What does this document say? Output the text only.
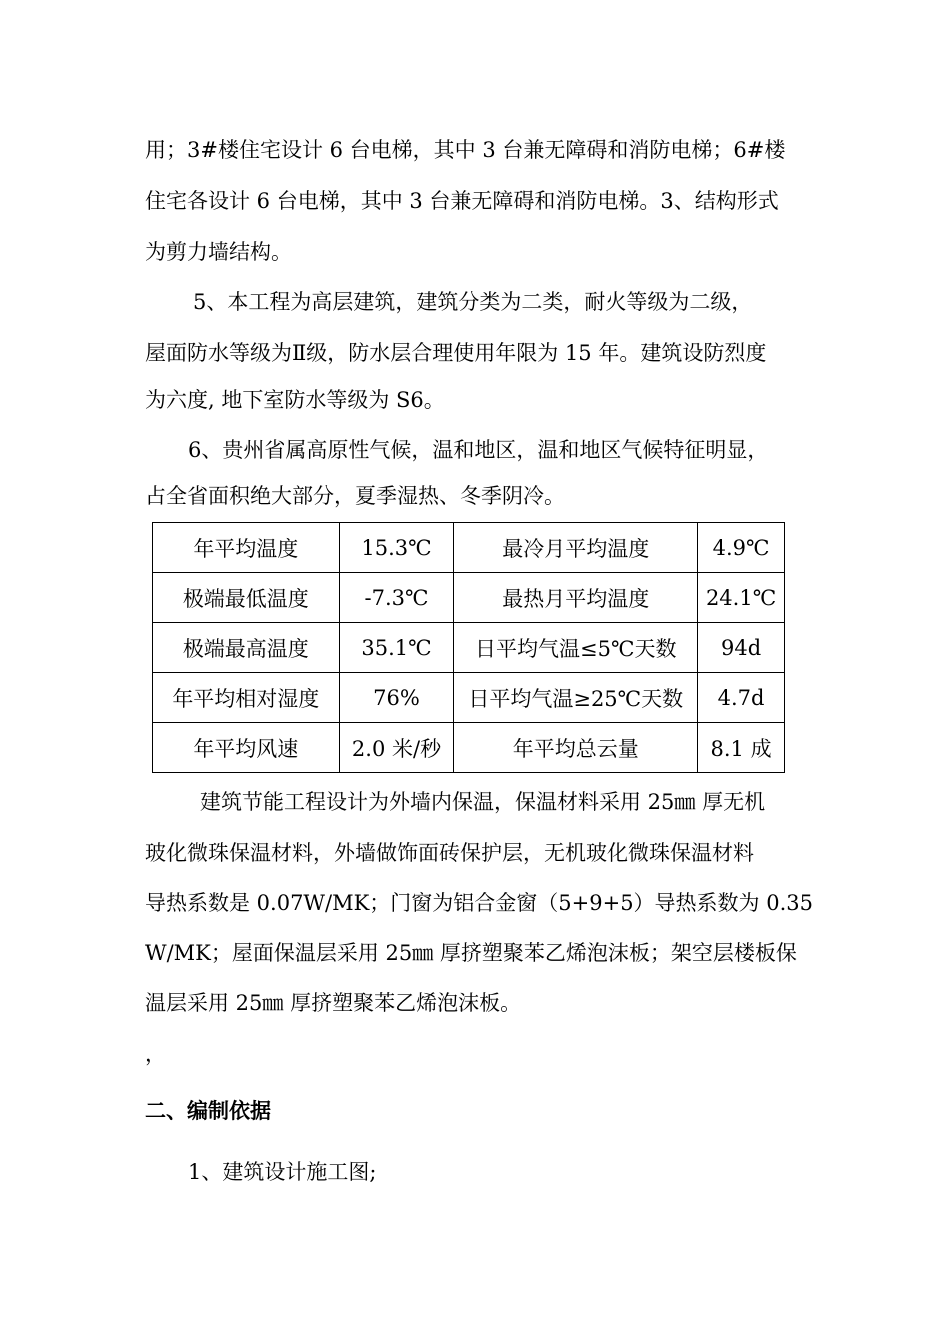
用；3#楼住宅设计 6 台电梯，其中 3 台兼无障碍和消防电梯；6#楼
住宅各设计 6 台电梯，其中 3 台兼无障碍和消防电梯。3、结构形式
为剪力墙结构。
5、本工程为高层建筑，建筑分类为二类，耐火等级为二级，
屋面防水等级为Ⅱ级，防水层合理使用年限为 15 年。建筑设防烈度
为六度, 地下室防水等级为 S6。
6、贵州省属高原性气候，温和地区，温和地区气候特征明显，
占全省面积绝大部分，夏季湿热、冬季阴冷。
年平均温度	15.3℃	最冷月平均温度	4.9℃
极端最低温度	-7.3℃	最热月平均温度	24.1℃
极端最高温度	35.1℃	日平均气温≤5℃天数	94d
年平均相对湿度	76%	日平均气温≥25℃天数	4.7d
年平均风速	2.0 米/秒	年平均总云量	8.1 成
建筑节能工程设计为外墙内保温，保温材料采用 25㎜ 厚无机
玻化微珠保温材料，外墙做饰面砖保护层，无机玻化微珠保温材料
导热系数是 0.07W/MK；门窗为铝合金窗（5+9+5）导热系数为 0.35
W/MK；屋面保温层采用 25㎜ 厚挤塑聚苯乙烯泡沫板；架空层楼板保
温层采用 25㎜ 厚挤塑聚苯乙烯泡沫板。
，
二、编制依据
1、建筑设计施工图;
